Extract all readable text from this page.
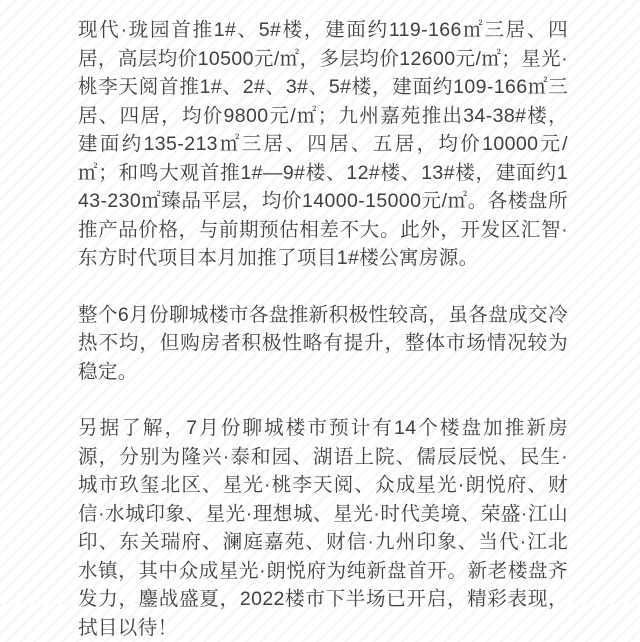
现代·珑园首推1#、5#楼，建面约119-166㎡三居、四居，高层均价10500元/㎡，多层均价12600元/㎡；星光·桃李天阅首推1#、2#、3#、5#楼，建面约109-166㎡三居、四居，均价9800元/㎡；九州嘉苑推出34-38#楼，建面约135-213㎡三居、四居、五居，均价10000元/㎡；和鸣大观首推1#—9#楼、12#楼、13#楼，建面约143-230㎡臻品平层，均价14000-15000元/㎡。各楼盘所推产品价格，与前期预估相差不大。此外，开发区汇智·东方时代项目本月加推了项目1#楼公寓房源。

整个6月份聊城楼市各盘推新积极性较高，虽各盘成交冷热不均，但购房者积极性略有提升，整体市场情况较为稳定。

另据了解，7月份聊城楼市预计有14个楼盘加推新房源，分别为隆兴·泰和园、湖语上院、儒辰辰悦、民生·城市玖玺北区、星光·桃李天阅、众成星光·朗悦府、财信·水城印象、星光·理想城、星光·时代美境、荣盛·江山印、东关瑞府、澜庭嘉苑、财信·九州印象、当代·江北水镇，其中众成星光·朗悦府为纯新盘首开。新老楼盘齐发力，鏖战盛夏，2022楼市下半场已开启，精彩表现，拭目以待！
